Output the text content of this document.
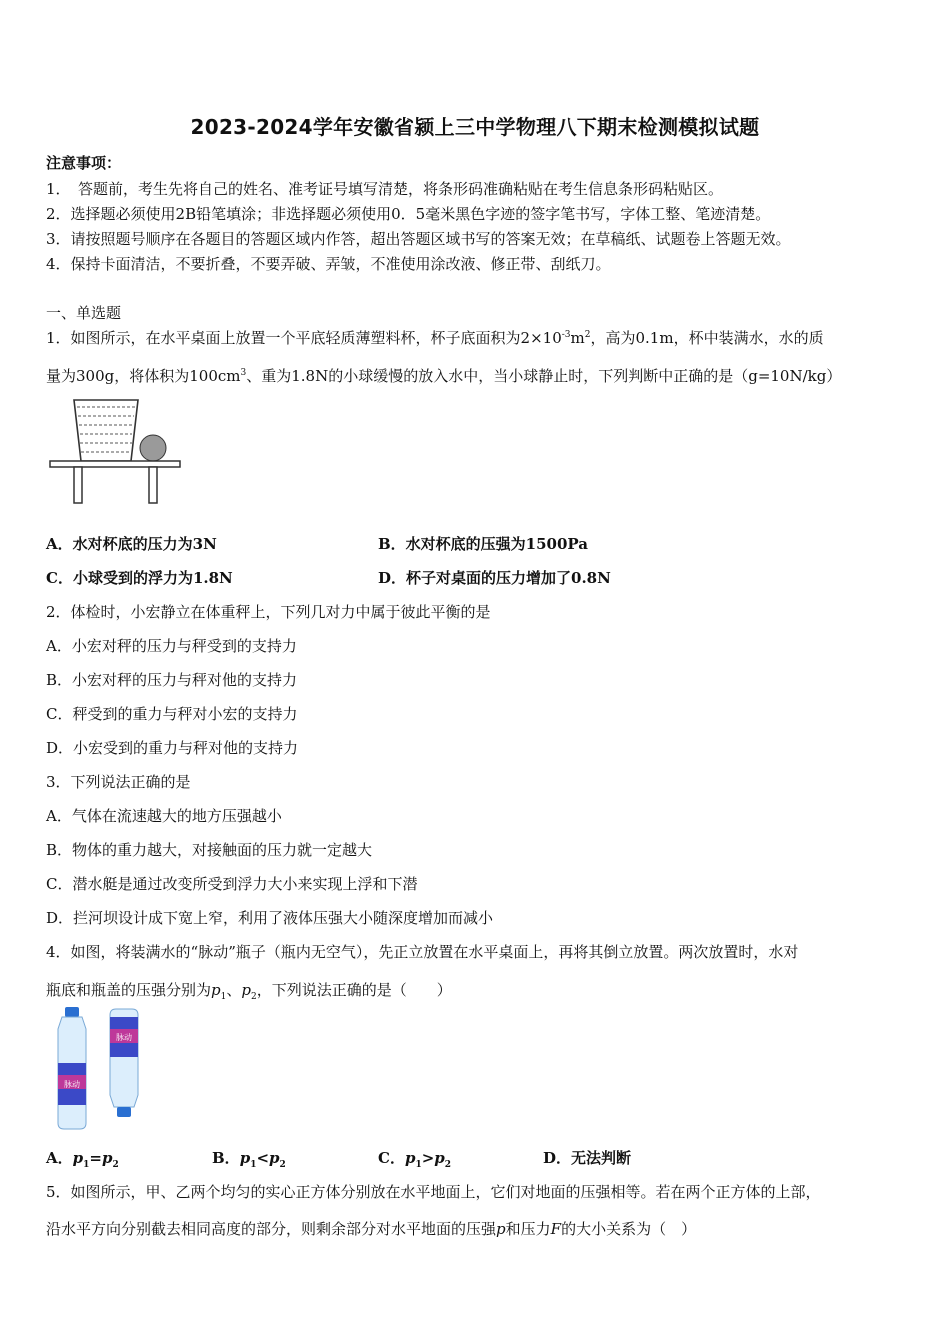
2023-2024学年安徽省颍上三中学物理八下期末检测模拟试题
注意事项：
1．　答题前，考生先将自己的姓名、准考证号填写清楚，将条形码准确粘贴在考生信息条形码粘贴区。
2．选择题必须使用2B铅笔填涂；非选择题必须使用0．5毫米黑色字迹的签字笔书写，字体工整、笔迹清楚。
3．请按照题号顺序在各题目的答题区域内作答，超出答题区域书写的答案无效；在草稿纸、试题卷上答题无效。
4．保持卡面清洁，不要折叠，不要弄破、弄皱，不准使用涂改液、修正带、刮纸刀。
一、单选题
1．如图所示，在水平桌面上放置一个平底轻质薄塑料杯，杯子底面积为$2\times 10^{-3}m^2$，高为0.1m，杯中装满水，水的质
量为300g，将体积为$100cm^3$、重为1.8N的小球缓慢的放入水中，当小球静止时，下列判断中正确的是（g=10N/kg）
A．水对杯底的压力为3N	B．水对杯底的压强为1500Pa
C．小球受到的浮力为1.8N	D．杯子对桌面的压力增加了0.8N
2．体检时，小宏静立在体重秤上，下列几对力中属于彼此平衡的是
A．小宏对秤的压力与秤受到的支持力
B．小宏对秤的压力与秤对他的支持力
C．秤受到的重力与秤对小宏的支持力
D．小宏受到的重力与秤对他的支持力
3．下列说法正确的是
A．气体在流速越大的地方压强越小
B．物体的重力越大，对接触面的压力就一定越大
C．潜水艇是通过改变所受到浮力大小来实现上浮和下潜
D．拦河坝设计成下宽上窄，利用了液体压强大小随深度增加而减小
4．如图，将装满水的“脉动”瓶子（瓶内无空气），先正立放置在水平桌面上，再将其倒立放置。两次放置时，水对
瓶底和瓶盖的压强分别为$p_1$、$p_2$，下列说法正确的是（　　）
脉动
脉动
A．$p_1=p_2$	B．$p_1<p_2$	C．$p_1>p_2$	D．无法判断
5．如图所示，甲、乙两个均匀的实心正方体分别放在水平地面上，它们对地面的压强相等。若在两个正方体的上部，
沿水平方向分别截去相同高度的部分，则剩余部分对水平地面的压强p和压力F的大小关系为（　）
